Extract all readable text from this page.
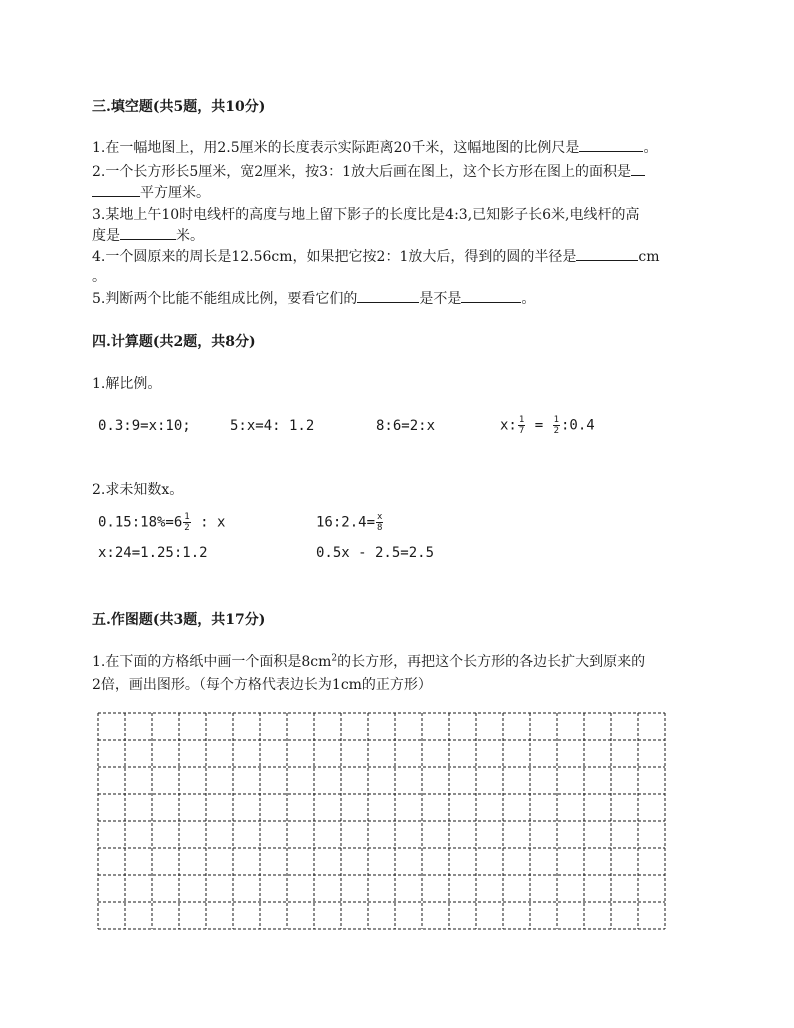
三.填空题(共5题，共10分)
1.在一幅地图上，用2.5厘米的长度表示实际距离20千米，这幅地图的比例尺是	。
2.一个长方形长5厘米，宽2厘米，按3：1放大后画在图上，这个长方形在图上的面积是
平方厘米。
3.某地上午10时电线杆的高度与地上留下影子的长度比是4:3,已知影子长6米,电线杆的高
度是	米。
4.一个圆原来的周长是12.56cm，如果把它按2：1放大后，得到的圆的半径是	cm
。
5.判断两个比能不能组成比例，要看它们的	是不是	。
四.计算题(共2题，共8分)
1.解比例。
0.3:9=x:10;	5:x=4: 1.2	8:6=2:x	x: $\frac{1}{7} = \frac{1}{2}$ :0.4
2.求未知数x。
0.15:18%=6 $\frac{1}{2}$ : x	16:2.4= $\frac{x}{8}$
x:24=1.25:1.2	0.5x - 2.5=2.5
五.作图题(共3题，共17分)
1.在下面的方格纸中画一个面积是$8cm^2$的长方形，再把这个长方形的各边长扩大到原来的
2倍，画出图形。（每个方格代表边长为1cm的正方形）
